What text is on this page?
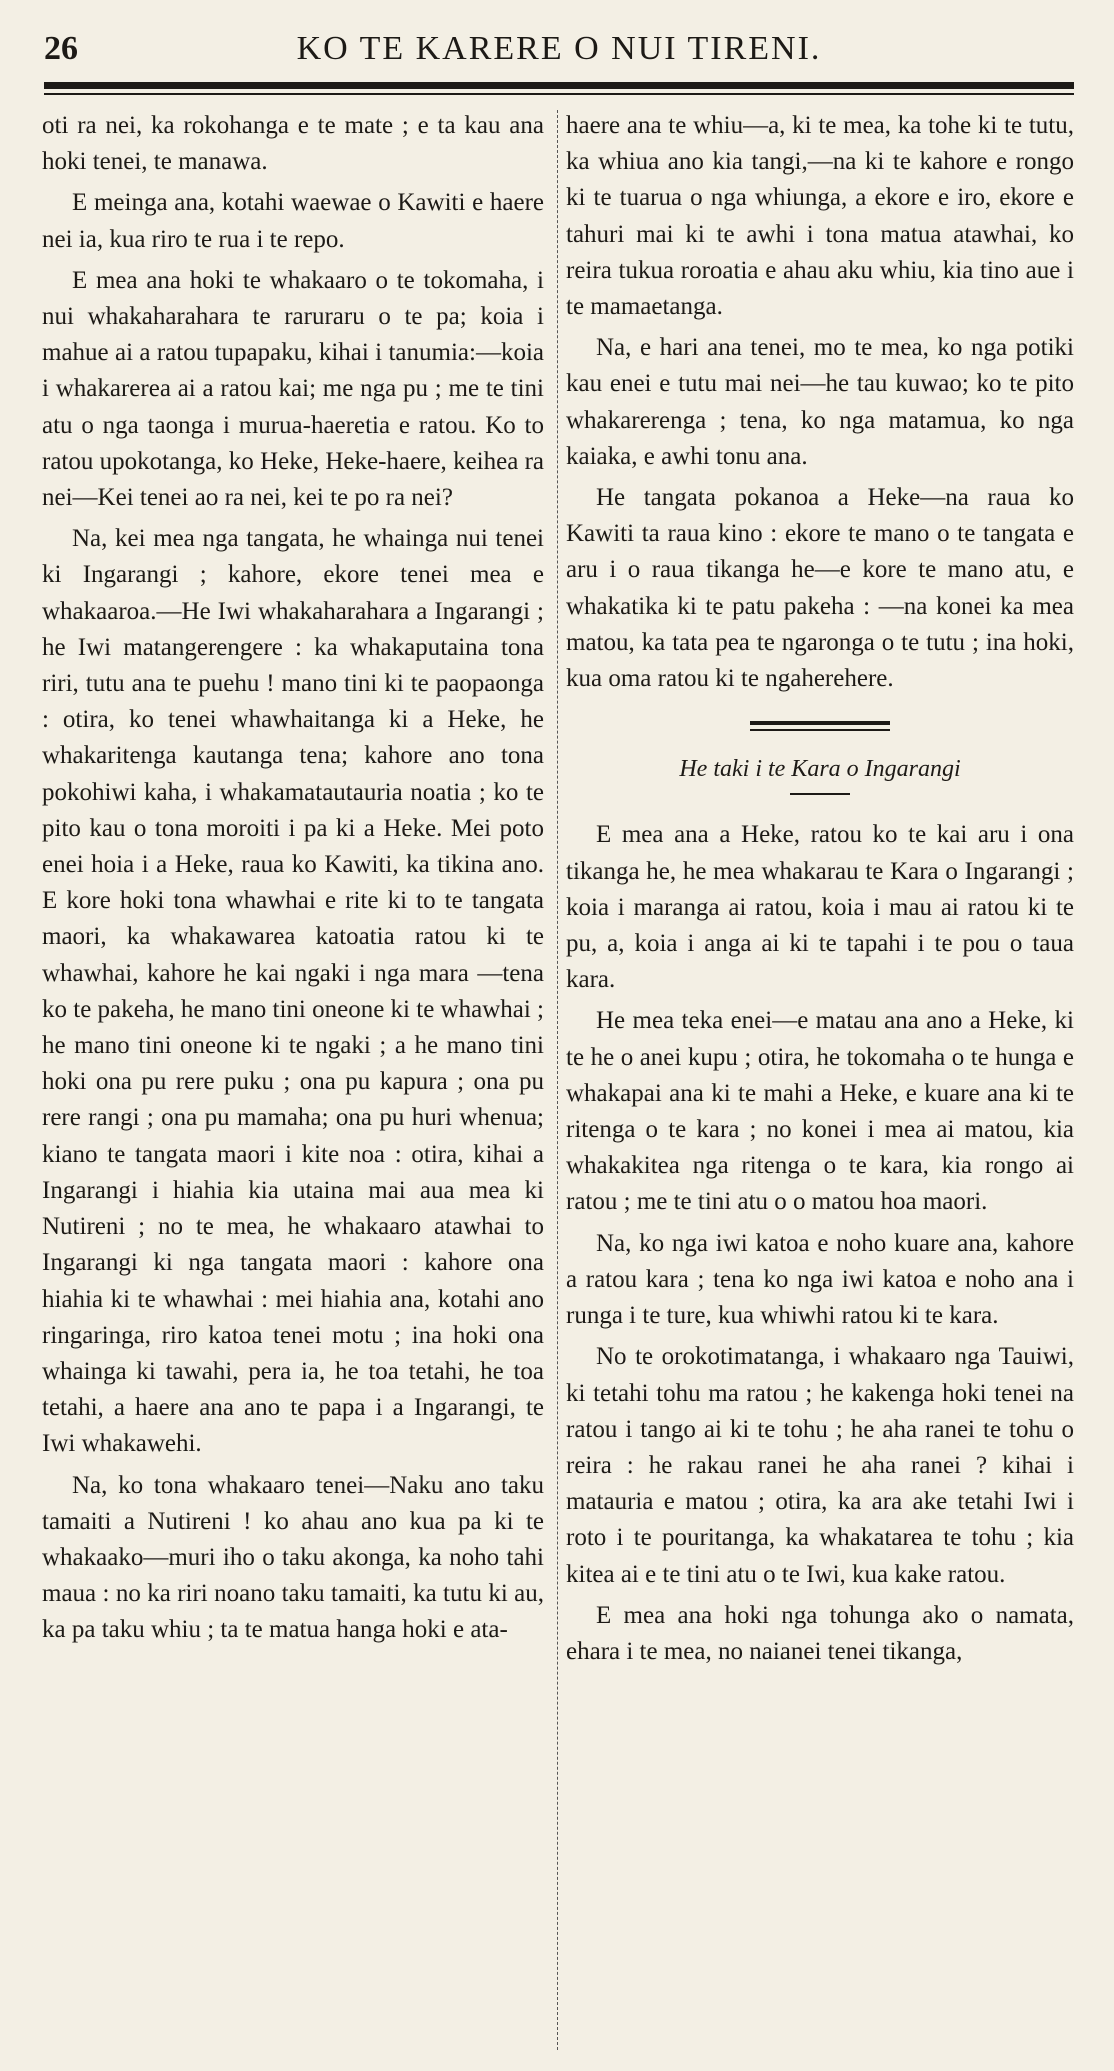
26	KO TE KARERE O NUI TIRENI.

oti ra nei, ka rokohanga e te mate ; e ta kau ana hoki tenei, te manawa.

E meinga ana, kotahi waewae o Kawiti e haere nei ia, kua riro te rua i te repo.

E mea ana hoki te whakaaro o te tokomaha, i nui whakaharahara te raruraru o te pa; koia i mahue ai a ratou tupapaku, kihai i tanumia:—koia i whakarerea ai a ratou kai; me nga pu ; me te tini atu o nga taonga i murua-haeretia e ratou. Ko to ratou upokotanga, ko Heke, Heke-haere, keihea ra nei—Kei tenei ao ra nei, kei te po ra nei?

Na, kei mea nga tangata, he whainga nui tenei ki Ingarangi ; kahore, ekore tenei mea e whakaaroa.—He Iwi whakaharahara a Ingarangi ; he Iwi matangerengere : ka whakaputaina tona riri, tutu ana te puehu ! mano tini ki te paopaonga : otira, ko tenei whawhaitanga ki a Heke, he whakaritenga kautanga tena; kahore ano tona pokohiwi kaha, i whakamatautauria noatia ; ko te pito kau o tona moroiti i pa ki a Heke. Mei poto enei hoia i a Heke, raua ko Kawiti, ka tikina ano. E kore hoki tona whawhai e rite ki to te tangata maori, ka whakawarea katoatia ratou ki te whawhai, kahore he kai ngaki i nga mara —tena ko te pakeha, he mano tini oneone ki te whawhai ; he mano tini oneone ki te ngaki ; a he mano tini hoki ona pu rere puku ; ona pu kapura ; ona pu rere rangi ; ona pu mamaha; ona pu huri whenua; kiano te tangata maori i kite noa : otira, kihai a Ingarangi i hiahia kia utaina mai aua mea ki Nutireni ; no te mea, he whakaaro atawhai to Ingarangi ki nga tangata maori : kahore ona hiahia ki te whawhai : mei hiahia ana, kotahi ano ringaringa, riro katoa tenei motu ; ina hoki ona whainga ki tawahi, pera ia, he toa tetahi, he toa tetahi, a haere ana ano te papa i a Ingarangi, te Iwi whakawehi.

Na, ko tona whakaaro tenei—Naku ano taku tamaiti a Nutireni ! ko ahau ano kua pa ki te whakaako—muri iho o taku akonga, ka noho tahi maua : no ka riri noano taku tamaiti, ka tutu ki au, ka pa taku whiu ; ta te matua hanga hoki e ata-

haere ana te whiu—a, ki te mea, ka tohe ki te tutu, ka whiua ano kia tangi,—na ki te kahore e rongo ki te tuarua o nga whiunga, a ekore e iro, ekore e tahuri mai ki te awhi i tona matua atawhai, ko reira tukua roroatia e ahau aku whiu, kia tino aue i te mamaetanga.

Na, e hari ana tenei, mo te mea, ko nga potiki kau enei e tutu mai nei—he tau kuwao; ko te pito whakarerenga ; tena, ko nga matamua, ko nga kaiaka, e awhi tonu ana.

He tangata pokanoa a Heke—na raua ko Kawiti ta raua kino : ekore te mano o te tangata e aru i o raua tikanga he—e kore te mano atu, e whakatika ki te patu pakeha : —na konei ka mea matou, ka tata pea te ngaronga o te tutu ; ina hoki, kua oma ratou ki te ngaherehere.

He taki i te Kara o Ingarangi

E mea ana a Heke, ratou ko te kai aru i ona tikanga he, he mea whakarau te Kara o Ingarangi ; koia i maranga ai ratou, koia i mau ai ratou ki te pu, a, koia i anga ai ki te tapahi i te pou o taua kara.

He mea teka enei—e matau ana ano a Heke, ki te he o anei kupu ; otira, he tokomaha o te hunga e whakapai ana ki te mahi a Heke, e kuare ana ki te ritenga o te kara ; no konei i mea ai matou, kia whakakitea nga ritenga o te kara, kia rongo ai ratou ; me te tini atu o o matou hoa maori.

Na, ko nga iwi katoa e noho kuare ana, kahore a ratou kara ; tena ko nga iwi katoa e noho ana i runga i te ture, kua whiwhi ratou ki te kara.

No te orokotimatanga, i whakaaro nga Tauiwi, ki tetahi tohu ma ratou ; he kakenga hoki tenei na ratou i tango ai ki te tohu ; he aha ranei te tohu o reira : he rakau ranei he aha ranei ? kihai i matauria e matou ; otira, ka ara ake tetahi Iwi i roto i te pouritanga, ka whakatarea te tohu ; kia kitea ai e te tini atu o te Iwi, kua kake ratou.

E mea ana hoki nga tohunga ako o namata, ehara i te mea, no naianei tenei tikanga,
